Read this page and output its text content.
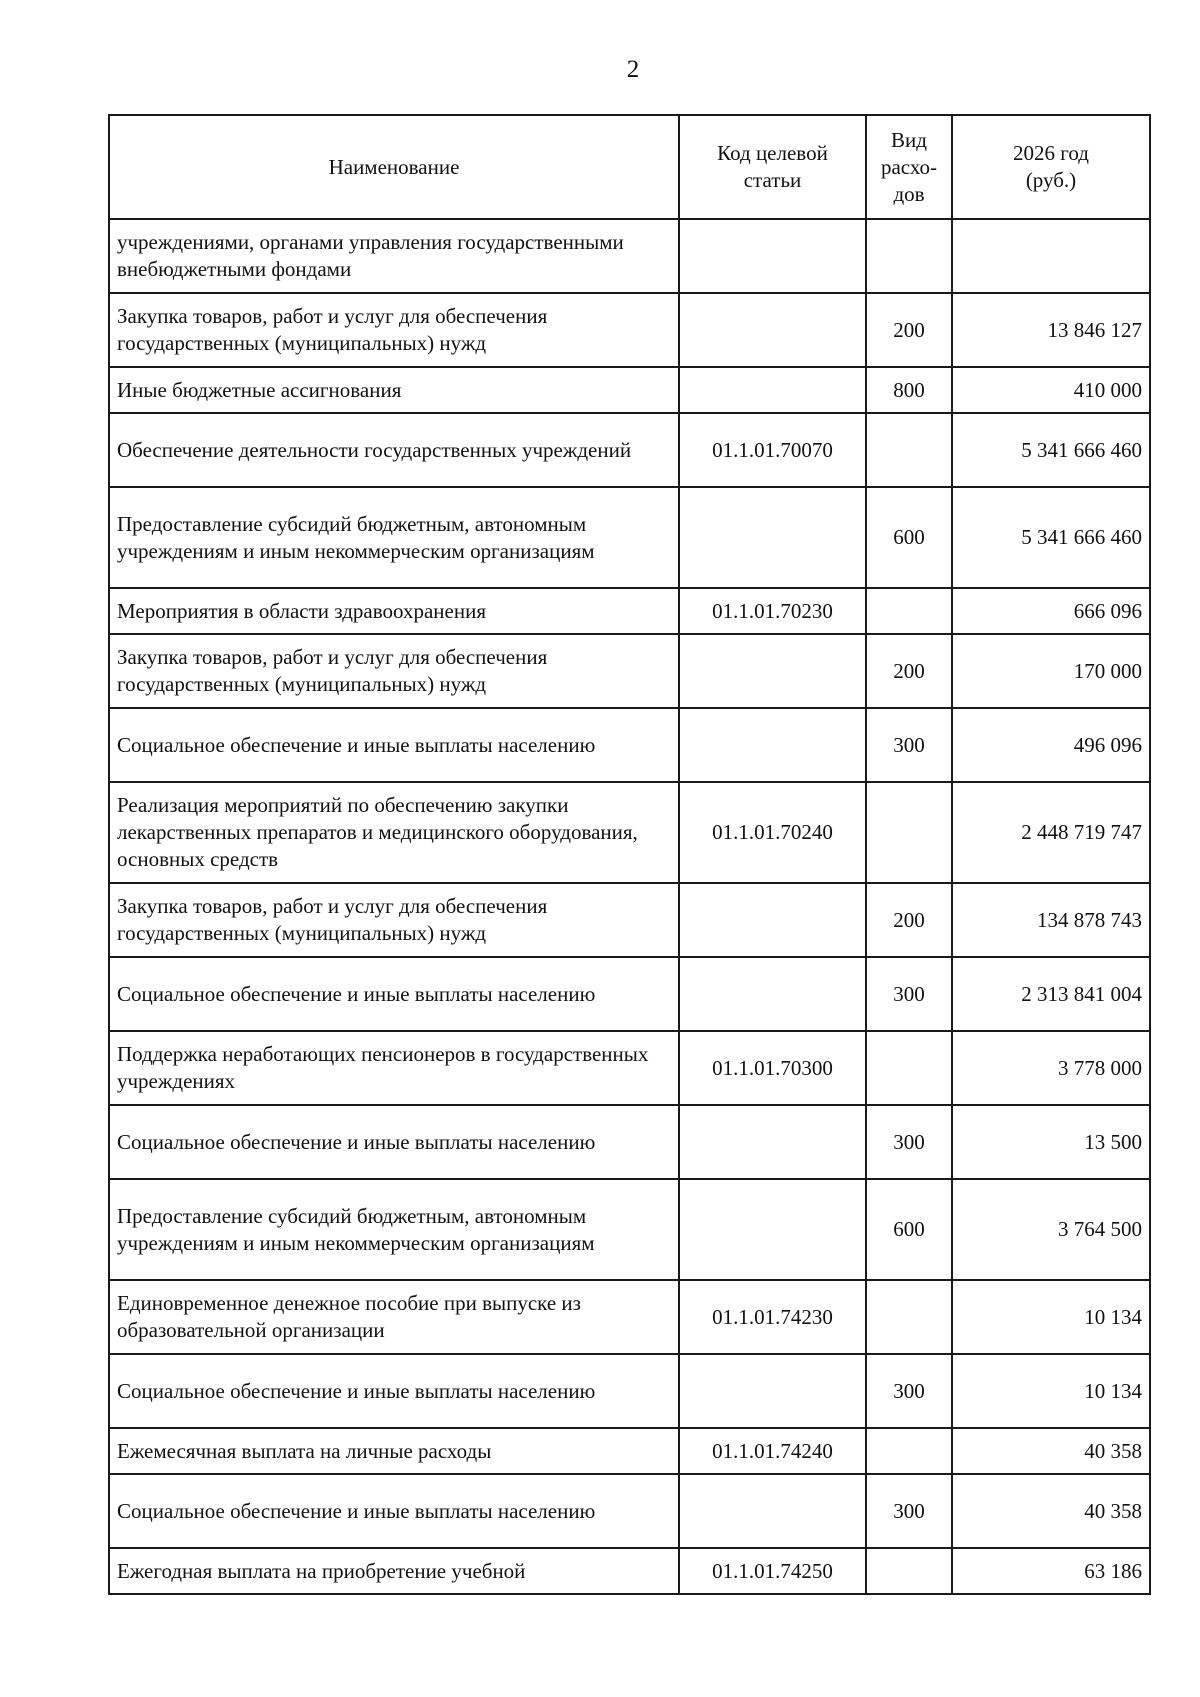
2
Наименование	Код целевой статьи	Вид расхо-дов	2026 год (руб.)
учреждениями, органами управления государственными внебюджетными фондами			
Закупка товаров, работ и услуг для обеспечения государственных (муниципальных) нужд		200	13 846 127
Иные бюджетные ассигнования		800	410 000
Обеспечение деятельности государственных учреждений	01.1.01.70070		5 341 666 460
Предоставление субсидий бюджетным, автономным учреждениям и иным некоммерческим организациям		600	5 341 666 460
Мероприятия в области здравоохранения	01.1.01.70230		666 096
Закупка товаров, работ и услуг для обеспечения государственных (муниципальных) нужд		200	170 000
Социальное обеспечение и иные выплаты населению		300	496 096
Реализация мероприятий по обеспечению закупки лекарственных препаратов и медицинского оборудования, основных средств	01.1.01.70240		2 448 719 747
Закупка товаров, работ и услуг для обеспечения государственных (муниципальных) нужд		200	134 878 743
Социальное обеспечение и иные выплаты населению		300	2 313 841 004
Поддержка неработающих пенсионеров в государственных учреждениях	01.1.01.70300		3 778 000
Социальное обеспечение и иные выплаты населению		300	13 500
Предоставление субсидий бюджетным, автономным учреждениям и иным некоммерческим организациям		600	3 764 500
Единовременное денежное пособие при выпуске из образовательной организации	01.1.01.74230		10 134
Социальное обеспечение и иные выплаты населению		300	10 134
Ежемесячная выплата на личные расходы	01.1.01.74240		40 358
Социальное обеспечение и иные выплаты населению		300	40 358
Ежегодная выплата на приобретение учебной	01.1.01.74250		63 186
